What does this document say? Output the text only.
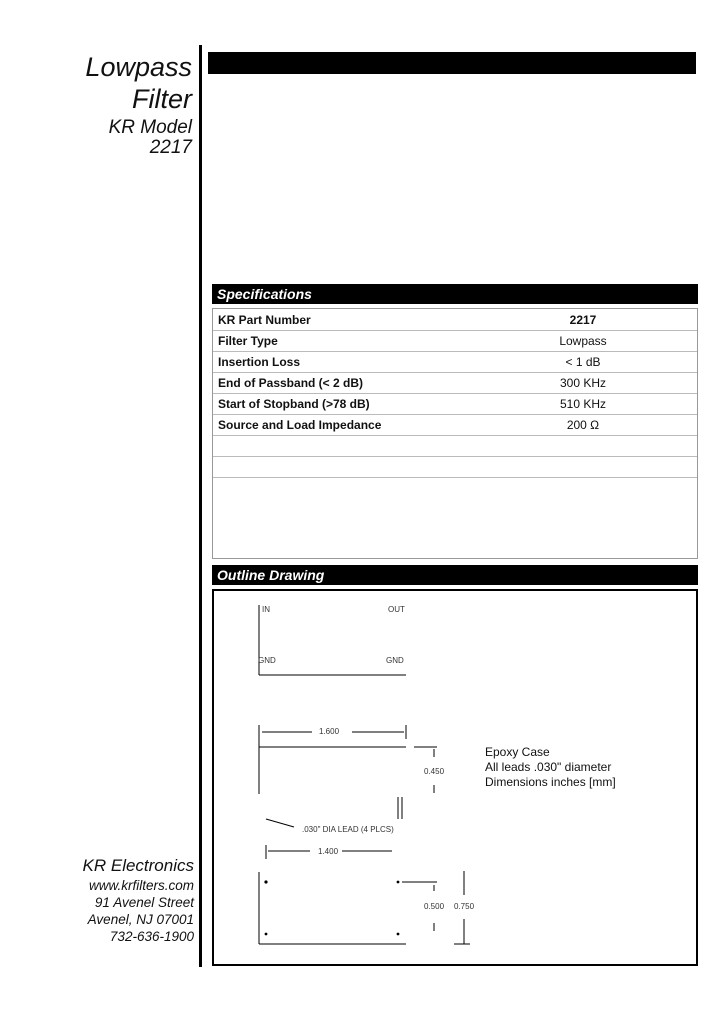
Lowpass
Filter
KR Model
2217
Specifications
KR Part Number	2217
Filter Type	Lowpass
Insertion Loss	< 1 dB
End of Passband (< 2 dB)	300 KHz
Start of Stopband (>78 dB)	510 KHz
Source and Load Impedance	200 Ω
Outline Drawing
IN	OUT
GND	GND
1.600
0.450
.030" DIA LEAD (4 PLCS)
1.400
0.500 0.750
Epoxy Case
All leads .030" diameter
Dimensions inches [mm]
KR Electronics
www.krfilters.com
91 Avenel Street
Avenel, NJ 07001
732-636-1900
